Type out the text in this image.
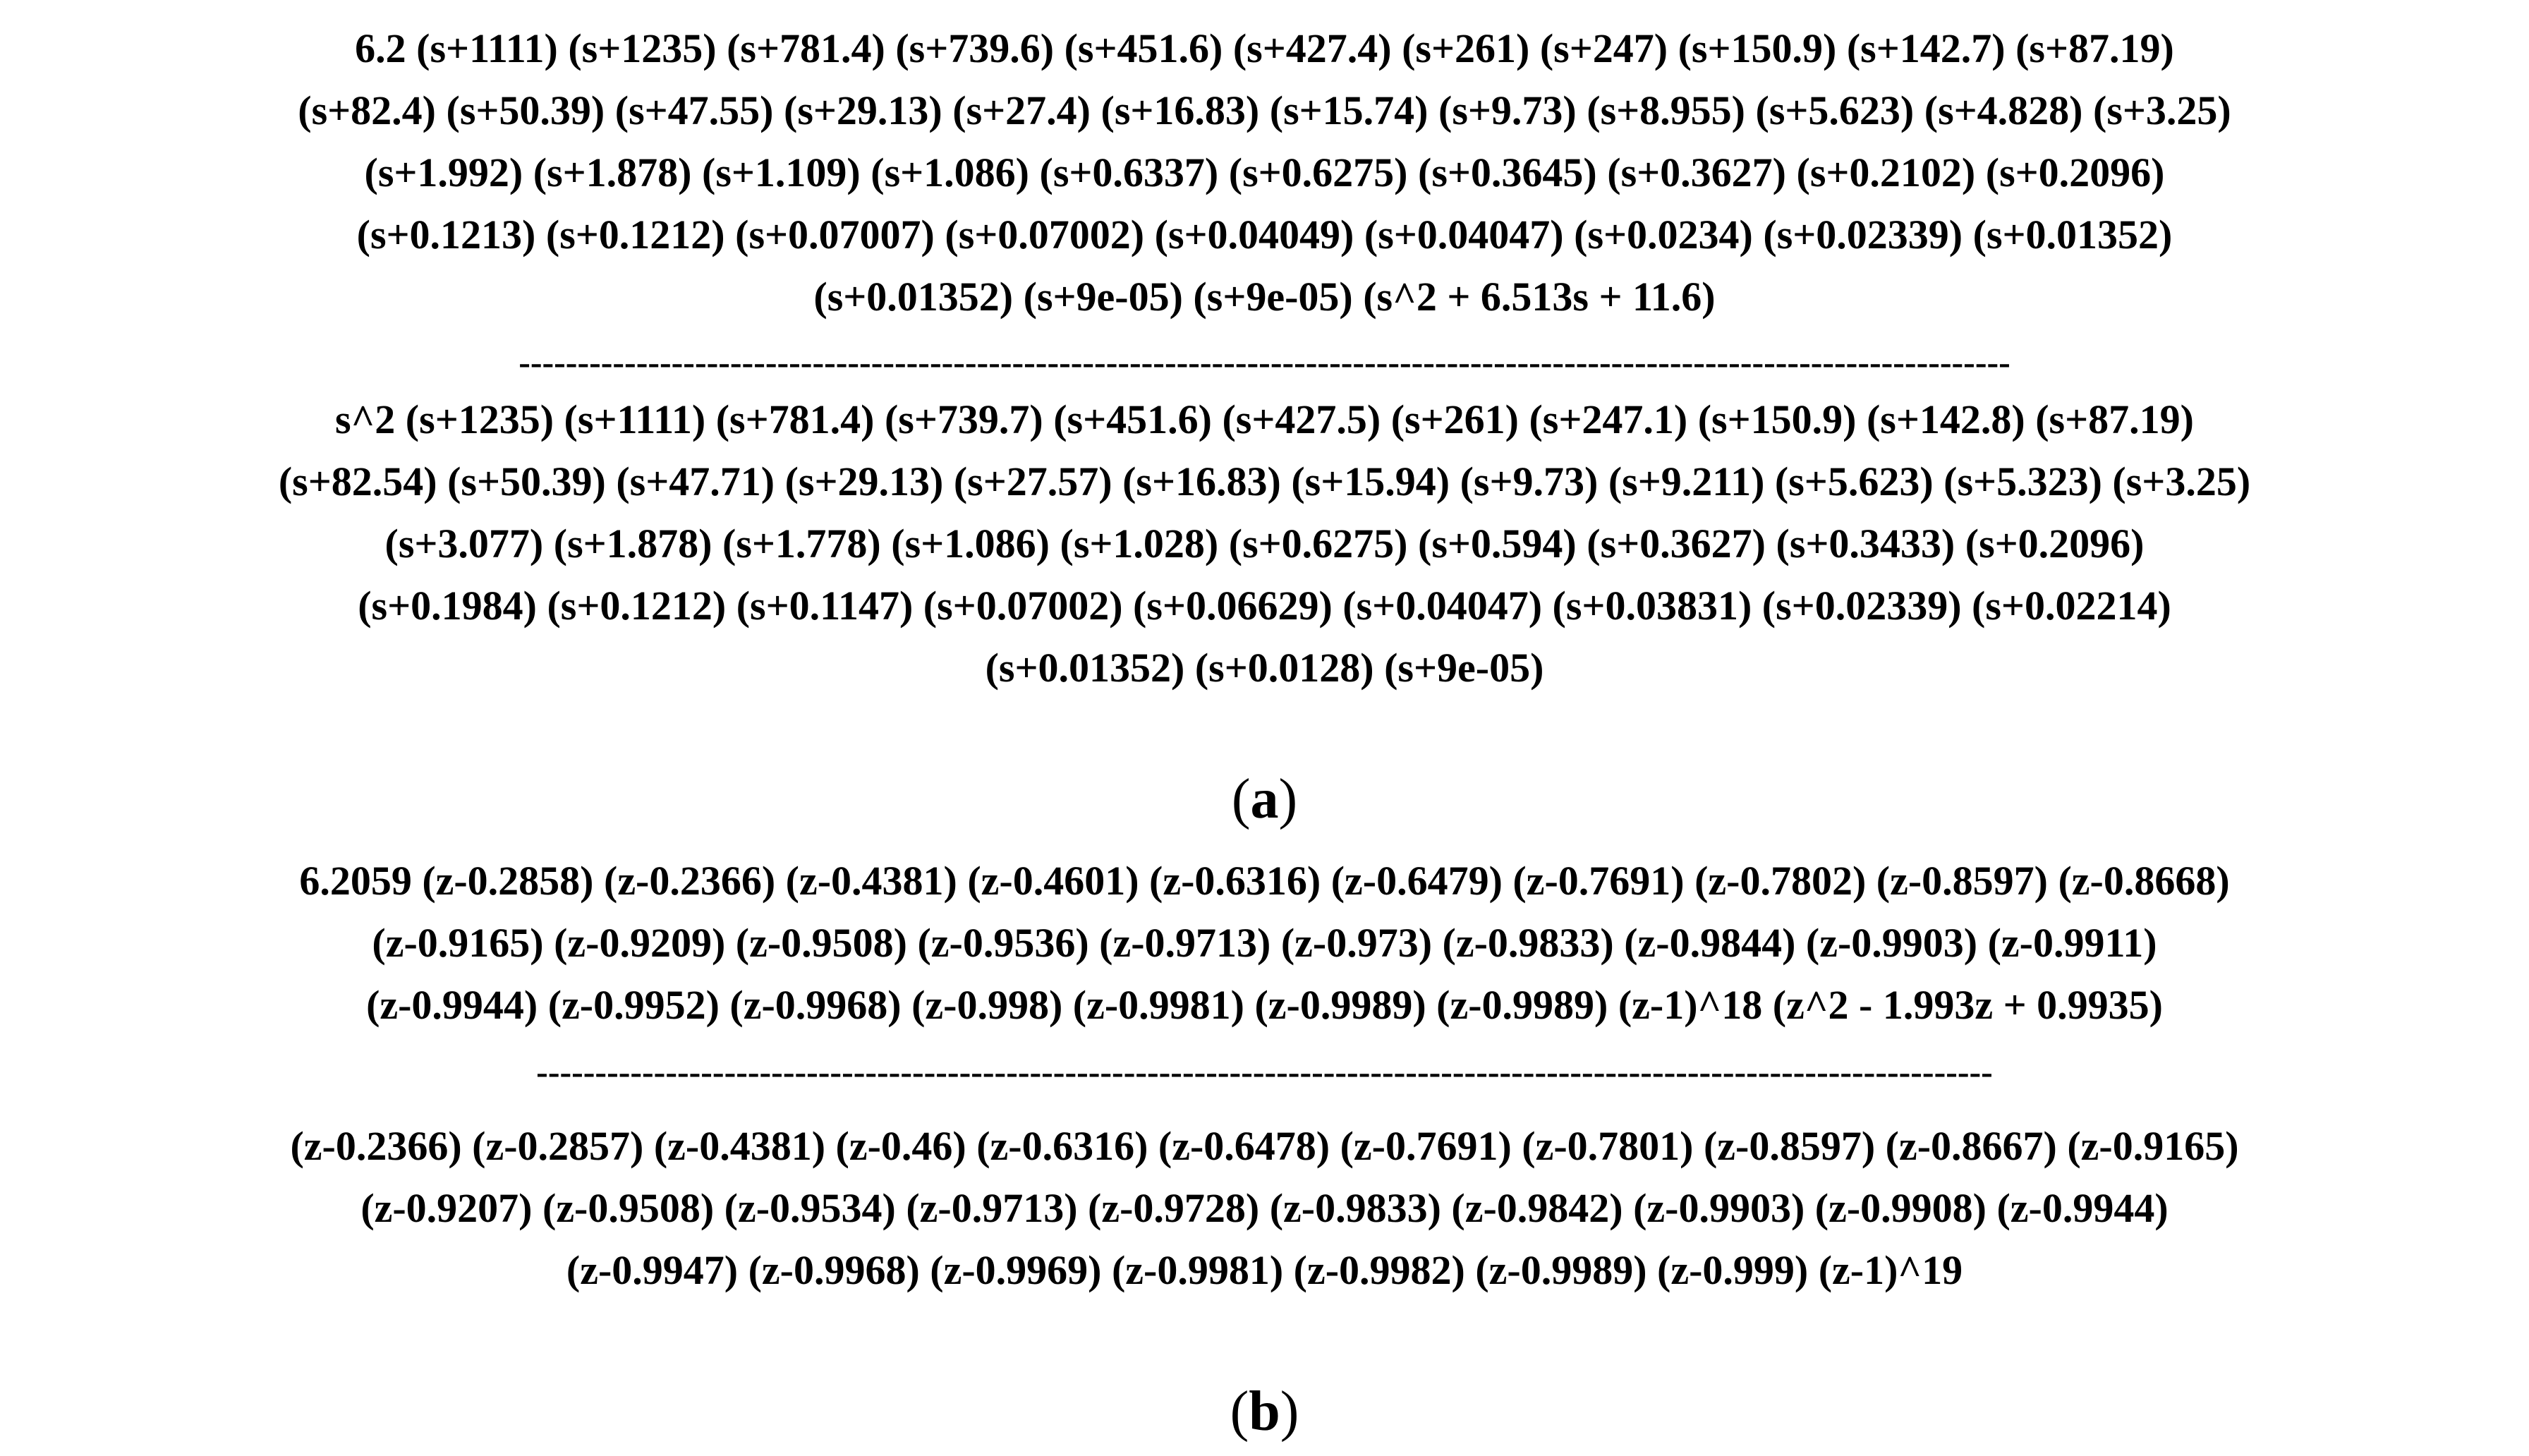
6.2 (s+1111) (s+1235) (s+781.4) (s+739.6) (s+451.6) (s+427.4) (s+261) (s+247) (s+150.9) (s+142.7) (s+87.19)
(s+82.4) (s+50.39) (s+47.55) (s+29.13) (s+27.4) (s+16.83) (s+15.74) (s+9.73) (s+8.955) (s+5.623) (s+4.828) (s+3.25)
(s+1.992) (s+1.878) (s+1.109) (s+1.086) (s+0.6337) (s+0.6275) (s+0.3645) (s+0.3627) (s+0.2102) (s+0.2096)
(s+0.1213) (s+0.1212) (s+0.07007) (s+0.07002) (s+0.04049) (s+0.04047) (s+0.0234) (s+0.02339) (s+0.01352)
(s+0.01352) (s+9e-05) (s+9e-05) (s^2 + 6.513s + 11.6)
-------------------------------------------------------------------------------------------------------------------------------
s^2 (s+1235) (s+1111) (s+781.4) (s+739.7) (s+451.6) (s+427.5) (s+261) (s+247.1) (s+150.9) (s+142.8) (s+87.19)
(s+82.54) (s+50.39) (s+47.71) (s+29.13) (s+27.57) (s+16.83) (s+15.94) (s+9.73) (s+9.211) (s+5.623) (s+5.323) (s+3.25)
(s+3.077) (s+1.878) (s+1.778) (s+1.086) (s+1.028) (s+0.6275) (s+0.594) (s+0.3627) (s+0.3433) (s+0.2096)
(s+0.1984) (s+0.1212) (s+0.1147) (s+0.07002) (s+0.06629) (s+0.04047) (s+0.03831) (s+0.02339) (s+0.02214)
(s+0.01352) (s+0.0128) (s+9e-05)
(a)
6.2059 (z-0.2858) (z-0.2366) (z-0.4381) (z-0.4601) (z-0.6316) (z-0.6479) (z-0.7691) (z-0.7802) (z-0.8597) (z-0.8668)
(z-0.9165) (z-0.9209) (z-0.9508) (z-0.9536) (z-0.9713) (z-0.973) (z-0.9833) (z-0.9844) (z-0.9903) (z-0.9911)
(z-0.9944) (z-0.9952) (z-0.9968) (z-0.998) (z-0.9981) (z-0.9989) (z-0.9989) (z-1)^18 (z^2 - 1.993z + 0.9935)
----------------------------------------------------------------------------------------------------------------------------
(z-0.2366) (z-0.2857) (z-0.4381) (z-0.46) (z-0.6316) (z-0.6478) (z-0.7691) (z-0.7801) (z-0.8597) (z-0.8667) (z-0.9165)
(z-0.9207) (z-0.9508) (z-0.9534) (z-0.9713) (z-0.9728) (z-0.9833) (z-0.9842) (z-0.9903) (z-0.9908) (z-0.9944)
(z-0.9947) (z-0.9968) (z-0.9969) (z-0.9981) (z-0.9982) (z-0.9989) (z-0.999) (z-1)^19
(b)
